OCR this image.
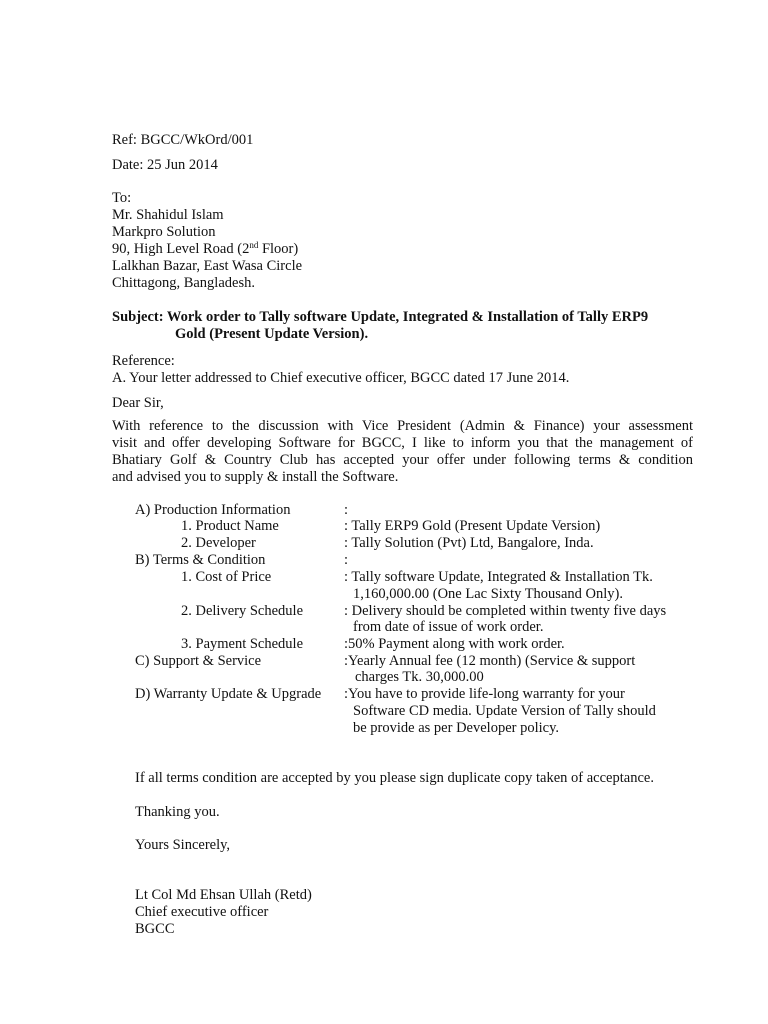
Ref: BGCC/WkOrd/001
Date: 25 Jun 2014
To:
Mr. Shahidul Islam
Markpro Solution
90, High Level Road (2nd Floor)
Lalkhan Bazar, East Wasa Circle
Chittagong, Bangladesh.
Subject: Work order to Tally software Update, Integrated & Installation of Tally ERP9
Gold (Present Update Version).
Reference:
A. Your letter addressed to Chief executive officer, BGCC dated 17 June 2014.
Dear Sir,
With reference to the discussion with Vice President (Admin & Finance) your assessment
visit and offer developing Software for BGCC, I like to inform you that the management of
Bhatiary Golf & Country Club has accepted your offer under following terms & condition
and advised you to supply & install the Software.
A) Production Information	:
1. Product Name	: Tally ERP9 Gold (Present Update Version)
2. Developer	: Tally Solution (Pvt) Ltd, Bangalore, Inda.
B) Terms & Condition	:
1. Cost of Price	: Tally software Update, Integrated & Installation Tk.
1,160,000.00 (One Lac Sixty Thousand Only).
2. Delivery Schedule	: Delivery should be completed within twenty five days
from date of issue of work order.
3. Payment Schedule	:50% Payment along with work order.
C) Support & Service	:Yearly Annual fee (12 month) (Service & support
charges Tk. 30,000.00
D) Warranty Update & Upgrade :You have to provide life-long warranty for your
Software CD media. Update Version of Tally should
be provide as per Developer policy.
If all terms condition are accepted by you please sign duplicate copy taken of acceptance.
Thanking you.
Yours Sincerely,
Lt Col Md Ehsan Ullah (Retd)
Chief executive officer
BGCC
